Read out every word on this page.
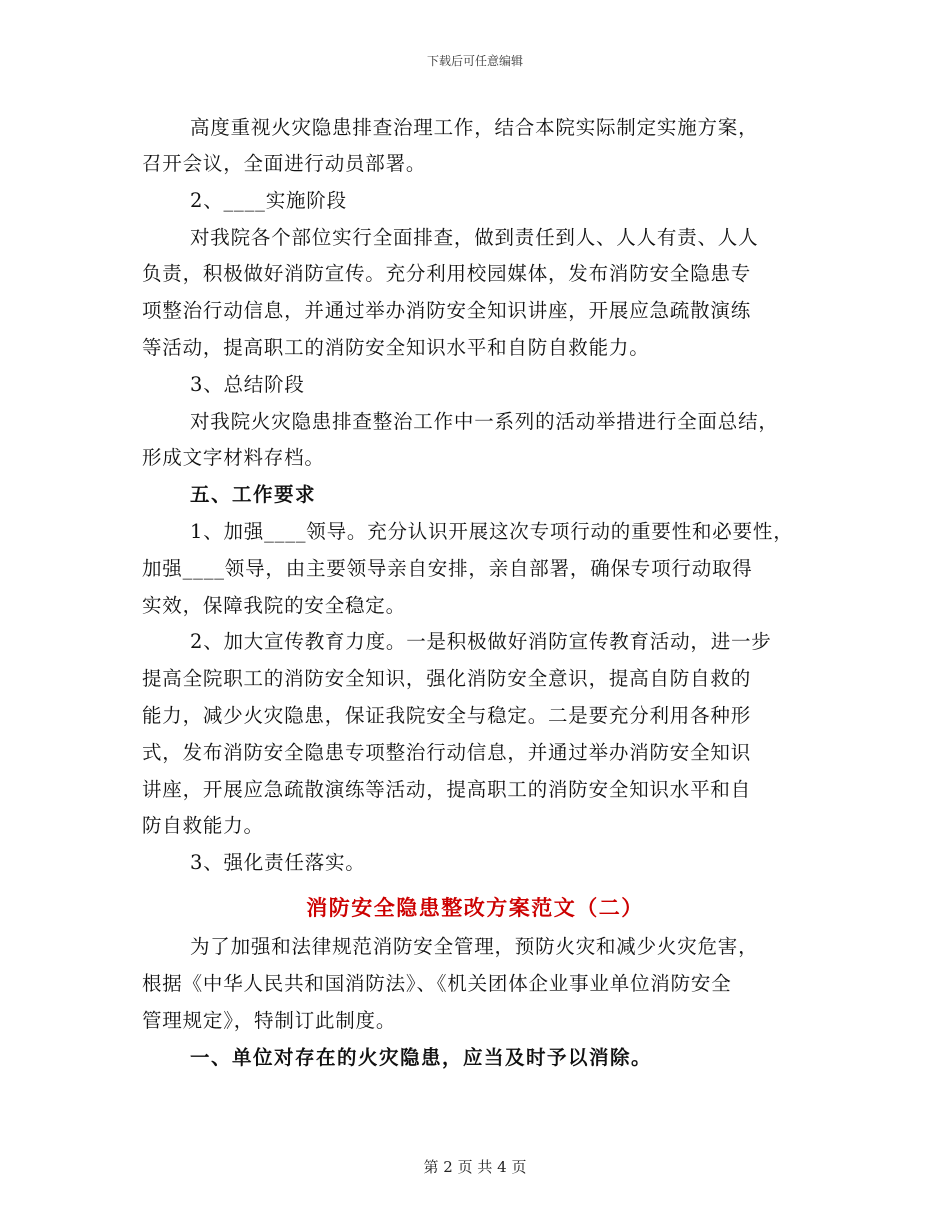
下载后可任意编辑
高度重视火灾隐患排查治理工作，结合本院实际制定实施方案，
召开会议，全面进行动员部署。
2、____实施阶段
对我院各个部位实行全面排查，做到责任到人、人人有责、人人
负责，积极做好消防宣传。充分利用校园媒体，发布消防安全隐患专
项整治行动信息，并通过举办消防安全知识讲座，开展应急疏散演练
等活动，提高职工的消防安全知识水平和自防自救能力。
3、总结阶段
对我院火灾隐患排查整治工作中一系列的活动举措进行全面总结，
形成文字材料存档。
五、工作要求
1、加强____领导。充分认识开展这次专项行动的重要性和必要性，
加强____领导，由主要领导亲自安排，亲自部署，确保专项行动取得
实效，保障我院的安全稳定。
2、加大宣传教育力度。一是积极做好消防宣传教育活动，进一步
提高全院职工的消防安全知识，强化消防安全意识，提高自防自救的
能力，减少火灾隐患，保证我院安全与稳定。二是要充分利用各种形
式，发布消防安全隐患专项整治行动信息，并通过举办消防安全知识
讲座，开展应急疏散演练等活动，提高职工的消防安全知识水平和自
防自救能力。
3、强化责任落实。
消防安全隐患整改方案范文（二）
为了加强和法律规范消防安全管理，预防火灾和减少火灾危害，
根据《中华人民共和国消防法》、《机关团体企业事业单位消防安全
管理规定》，特制订此制度。
一、单位对存在的火灾隐患，应当及时予以消除。
第 2 页 共 4 页
